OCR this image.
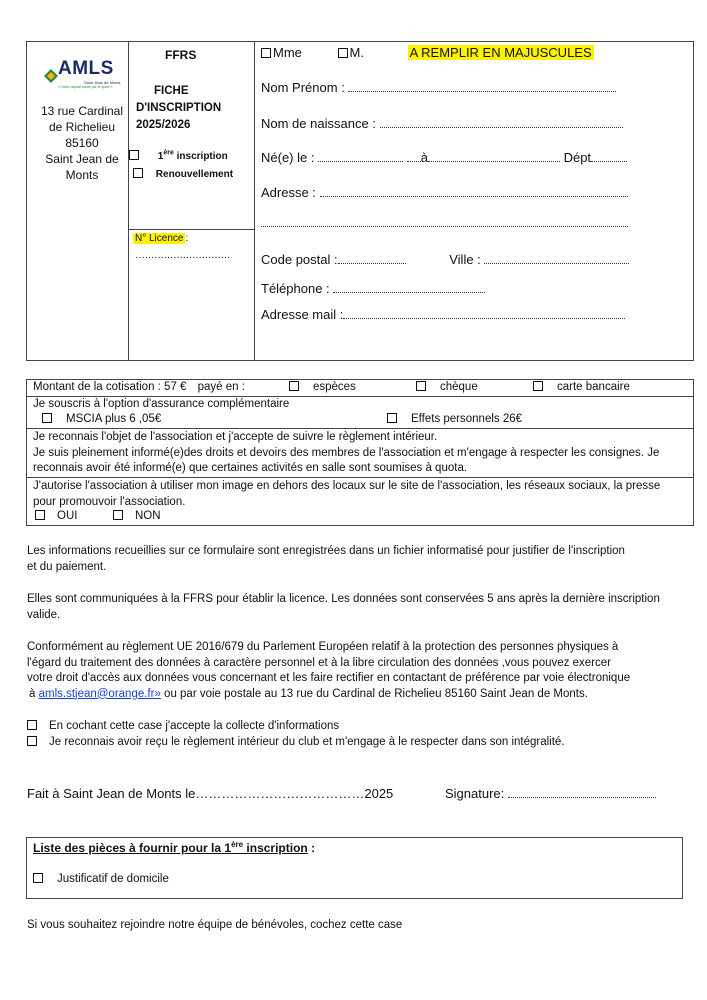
AMLS
Saint Jean de Monts
« Votre capital santé par le sport »
13 rue Cardinal
de Richelieu
85160
Saint Jean de
Monts
FFRS
FICHE
D'INSCRIPTION
2025/2026
1ère inscription
Renouvellement
N° Licence :
…………………………
Mme	M.	A REMPLIR EN MAJUSCULES
Nom Prénom :
Nom de naissance :
Né(e) le :	à	Dépt
Adresse :
Code postal :	Ville :
Téléphone :
Adresse mail :
Montant de la cotisation : 57 € payé en :	espèces	chèque	carte bancaire
Je souscris à l'option d'assurance complémentaire
MSCIA plus 6 ,05€	Effets personnels 26€
Je reconnais l'objet de l'association et j'accepte de suivre le règlement intérieur.
Je suis pleinement informé(e)des droits et devoirs des membres de l'association et m'engage à respecter les consignes. Je
reconnais avoir été informé(e) que certaines activités en salle sont soumises à quota.
J'autorise l'association à utiliser mon image en dehors des locaux sur le site de l'association, les réseaux sociaux, la presse
pour promouvoir l'association.
OUI	NON
Les informations recueillies sur ce formulaire sont enregistrées dans un fichier informatisé pour justifier de l'inscription
et du paiement.
Elles sont communiquées à la FFRS pour établir la licence. Les données sont conservées 5 ans après la dernière inscription
valide.
Conformément au règlement UE 2016/679 du Parlement Européen relatif à la protection des personnes physiques à
l'égard du traitement des données à caractère personnel et à la libre circulation des données ,vous pouvez exercer
votre droit d'accès aux données vous concernant et les faire rectifier en contactant de préférence par voie électronique
à amls.stjean@orange.fr» ou par voie postale au 13 rue du Cardinal de Richelieu 85160 Saint Jean de Monts.
En cochant cette case j'accepte la collecte d'informations
Je reconnais avoir reçu le règlement intérieur du club et m'engage à le respecter dans son intégralité.
Fait à Saint Jean de Monts le…………………………………2025	Signature:
Liste des pièces à fournir pour la 1ère inscription :
Justificatif de domicile
Si vous souhaitez rejoindre notre équipe de bénévoles, cochez cette case
